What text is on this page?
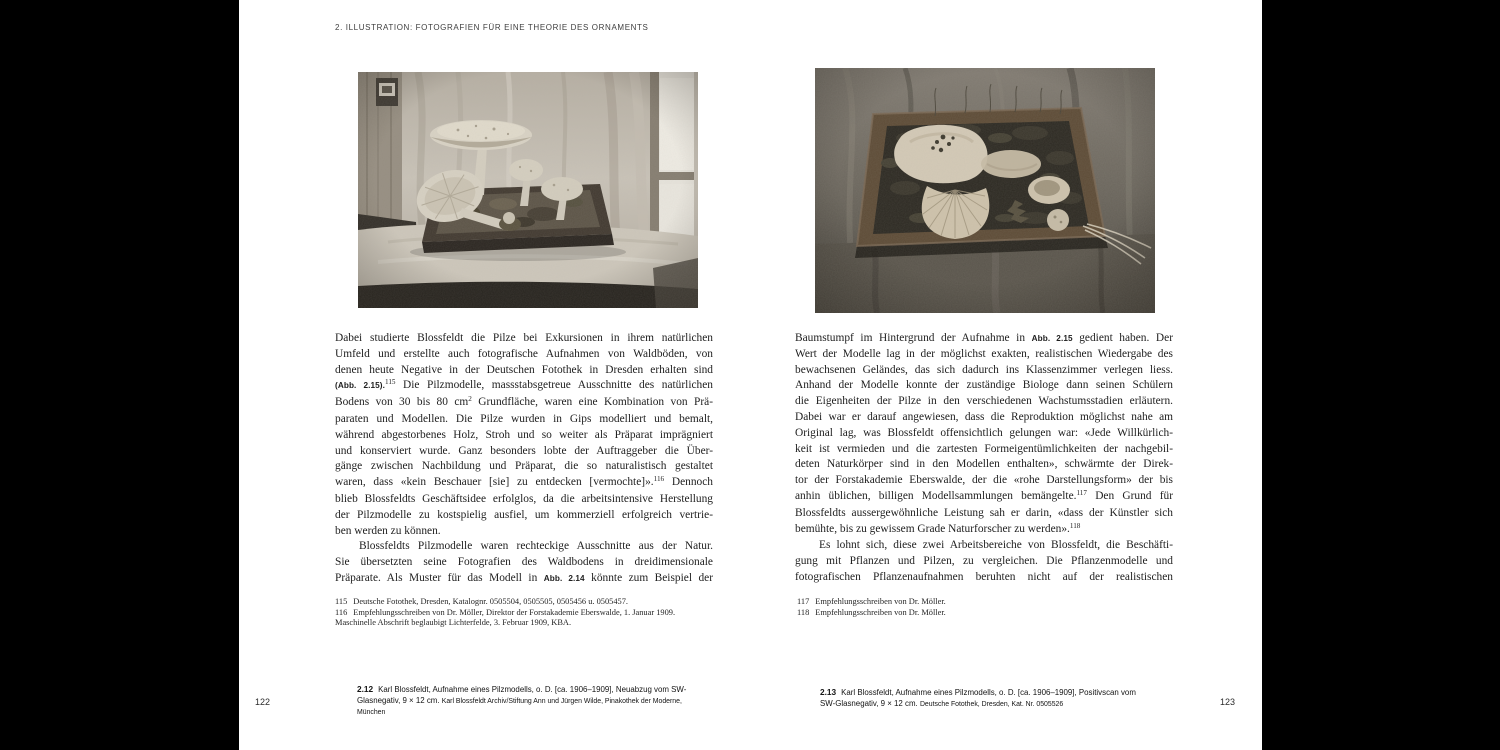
2. ILLUSTRATION: FOTOGRAFIEN FÜR EINE THEORIE DES ORNAMENTS
Dabei studierte Blossfeldt die Pilze bei Exkursionen in ihrem natürlichen
Umfeld und erstellte auch fotografische Aufnahmen von Waldböden, von
denen heute Negative in der Deutschen Fotothek in Dresden erhalten sind
(Abb. 2.15).$^{115}$ Die Pilzmodelle, massstabsgetreue Ausschnitte des natürlichen
Bodens von 30 bis 80 $cm^2$ Grundfläche, waren eine Kombination von Prä-
paraten und Modellen. Die Pilze wurden in Gips modelliert und bemalt,
während abgestorbenes Holz, Stroh und so weiter als Präparat imprägniert
und konserviert wurde. Ganz besonders lobte der Auftraggeber die Über-
gänge zwischen Nachbildung und Präparat, die so naturalistisch gestaltet
waren, dass «kein Beschauer [sie] zu entdecken [vermochte]».$^{116}$ Dennoch
blieb Blossfeldts Geschäftsidee erfolglos, da die arbeitsintensive Herstellung
der Pilzmodelle zu kostspielig ausfiel, um kommerziell erfolgreich vertrie-
ben werden zu können.
Blossfeldts Pilzmodelle waren rechteckige Ausschnitte aus der Natur.
Sie übersetzten seine Fotografien des Waldbodens in dreidimensionale
Präparate. Als Muster für das Modell in Abb. 2.14 könnte zum Beispiel der
115 Deutsche Fotothek, Dresden, Katalognr. 0505504, 0505505, 0505456 u. 0505457.
116 Empfehlungsschreiben von Dr. Möller, Direktor der Forstakademie Eberswalde, 1. Januar 1909.
Maschinelle Abschrift beglaubigt Lichterfelde, 3. Februar 1909, KBA.

2.12 Karl Blossfeldt, Aufnahme eines Pilzmodells, o. D. [ca. 1906–1909], Neuabzug vom SW-Glasnegativ, 9 × 12 cm. Karl Blossfeldt Archiv/Stiftung Ann und Jürgen Wilde, Pinakothek der Moderne, München

122
Baumstumpf im Hintergrund der Aufnahme in Abb. 2.15 gedient haben. Der
Wert der Modelle lag in der möglichst exakten, realistischen Wiedergabe des
bewachsenen Geländes, das sich dadurch ins Klassenzimmer verlegen liess.
Anhand der Modelle konnte der zuständige Biologe dann seinen Schülern
die Eigenheiten der Pilze in den verschiedenen Wachstumsstadien erläutern.
Dabei war er darauf angewiesen, dass die Reproduktion möglichst nahe am
Original lag, was Blossfeldt offensichtlich gelungen war: «Jede Willkürlich-
keit ist vermieden und die zartesten Formeigentümlichkeiten der nachgebil-
deten Naturkörper sind in den Modellen enthalten», schwärmte der Direk-
tor der Forstakademie Eberswalde, der die «rohe Darstellungsform» der bis
anhin üblichen, billigen Modellsammlungen bemängelte.$^{117}$ Den Grund für
Blossfeldts aussergewöhnliche Leistung sah er darin, «dass der Künstler sich
bemühte, bis zu gewissem Grade Naturforscher zu werden».$^{118}$
Es lohnt sich, diese zwei Arbeitsbereiche von Blossfeldt, die Beschäfti-
gung mit Pflanzen und Pilzen, zu vergleichen. Die Pflanzenmodelle und
fotografischen Pflanzenaufnahmen beruhten nicht auf der realistischen
117 Empfehlungsschreiben von Dr. Möller.
118 Empfehlungsschreiben von Dr. Möller.

2.13 Karl Blossfeldt, Aufnahme eines Pilzmodells, o. D. [ca. 1906–1909], Positivscan vom SW-Glasnegativ, 9 × 12 cm. Deutsche Fotothek, Dresden, Kat. Nr. 0505526	123
